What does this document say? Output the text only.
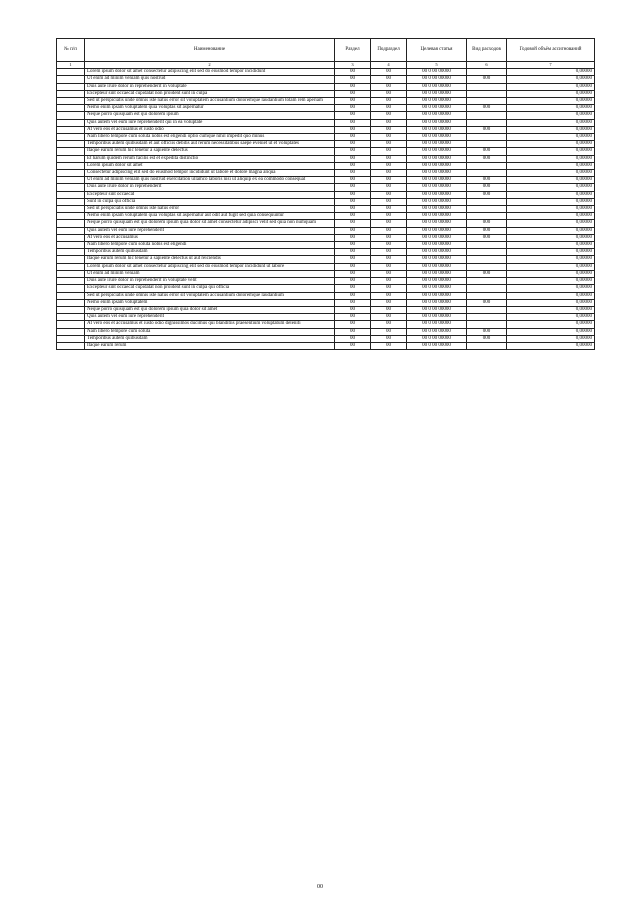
№ п/п	Наименование	Раздел	Подраздел	Целевая статья	Вид расходов	Годовой объём ассигнований
1	2	3	4	5	6	7
	Lorem ipsum dolor sit amet consectetur adipiscing elit sed do eiusmod tempor incididunt	00	00	00 0 00 00000		0,00000
	Ut enim ad minim veniam quis nostrud	00	00	00 0 00 00000	000	0,00000
	Duis aute irure dolor in reprehenderit in voluptate	00	00	00 0 00 00000		0,00000
	Excepteur sint occaecat cupidatat non proident sunt in culpa	00	00	00 0 00 00000		0,00000
	Sed ut perspiciatis unde omnis iste natus error sit voluptatem accusantium doloremque laudantium totam rem aperiam	00	00	00 0 00 00000		0,00000
	Nemo enim ipsam voluptatem quia voluptas sit aspernatur	00	00	00 0 00 00000	000	0,00000
	Neque porro quisquam est qui dolorem ipsum	00	00	00 0 00 00000		0,00000
	Quis autem vel eum iure reprehenderit qui in ea voluptate	00	00	00 0 00 00000		0,00000
	At vero eos et accusamus et iusto odio	00	00	00 0 00 00000	000	0,00000
	Nam libero tempore cum soluta nobis est eligendi optio cumque nihil impedit quo minus	00	00	00 0 00 00000		0,00000
	Temporibus autem quibusdam et aut officiis debitis aut rerum necessitatibus saepe eveniet ut et voluptates	00	00	00 0 00 00000		0,00000
	Itaque earum rerum hic tenetur a sapiente delectus	00	00	00 0 00 00000	000	0,00000
	Et harum quidem rerum facilis est et expedita distinctio	00	00	00 0 00 00000	000	0,00000
	Lorem ipsum dolor sit amet	00	00	00 0 00 00000		0,00000
	Consectetur adipiscing elit sed do eiusmod tempor incididunt ut labore et dolore magna aliqua	00	00	00 0 00 00000		0,00000
	Ut enim ad minim veniam quis nostrud exercitation ullamco laboris nisi ut aliquip ex ea commodo consequat	00	00	00 0 00 00000	000	0,00000
	Duis aute irure dolor in reprehenderit	00	00	00 0 00 00000	000	0,00000
	Excepteur sint occaecat	00	00	00 0 00 00000	000	0,00000
	Sunt in culpa qui officia	00	00	00 0 00 00000		0,00000
	Sed ut perspiciatis unde omnis iste natus error	00	00	00 0 00 00000		0,00000
	Nemo enim ipsam voluptatem quia voluptas sit aspernatur aut odit aut fugit sed quia consequuntur	00	00	00 0 00 00000		0,00000
	Neque porro quisquam est qui dolorem ipsum quia dolor sit amet consectetur adipisci velit sed quia non numquam	00	00	00 0 00 00000	000	0,00000
	Quis autem vel eum iure reprehenderit	00	00	00 0 00 00000	000	0,00000
	At vero eos et accusamus	00	00	00 0 00 00000	000	0,00000
	Nam libero tempore cum soluta nobis est eligendi	00	00	00 0 00 00000		0,00000
	Temporibus autem quibusdam	00	00	00 0 00 00000		0,00000
	Itaque earum rerum hic tenetur a sapiente delectus ut aut reiciendis	00	00	00 0 00 00000		0,00000
	Lorem ipsum dolor sit amet consectetur adipiscing elit sed do eiusmod tempor incididunt ut labore	00	00	00 0 00 00000		0,00000
	Ut enim ad minim veniam	00	00	00 0 00 00000	000	0,00000
	Duis aute irure dolor in reprehenderit in voluptate velit	00	00	00 0 00 00000		0,00000
	Excepteur sint occaecat cupidatat non proident sunt in culpa qui officia	00	00	00 0 00 00000		0,00000
	Sed ut perspiciatis unde omnis iste natus error sit voluptatem accusantium doloremque laudantium	00	00	00 0 00 00000		0,00000
	Nemo enim ipsam voluptatem	00	00	00 0 00 00000	000	0,00000
	Neque porro quisquam est qui dolorem ipsum quia dolor sit amet	00	00	00 0 00 00000		0,00000
	Quis autem vel eum iure reprehenderit	00	00	00 0 00 00000		0,00000
	At vero eos et accusamus et iusto odio dignissimos ducimus qui blanditiis praesentium voluptatum deleniti	00	00	00 0 00 00000		0,00000
	Nam libero tempore cum soluta	00	00	00 0 00 00000	000	0,00000
	Temporibus autem quibusdam	00	00	00 0 00 00000	000	0,00000
	Itaque earum rerum	00	00	00 0 00 00000		0,00000
00
